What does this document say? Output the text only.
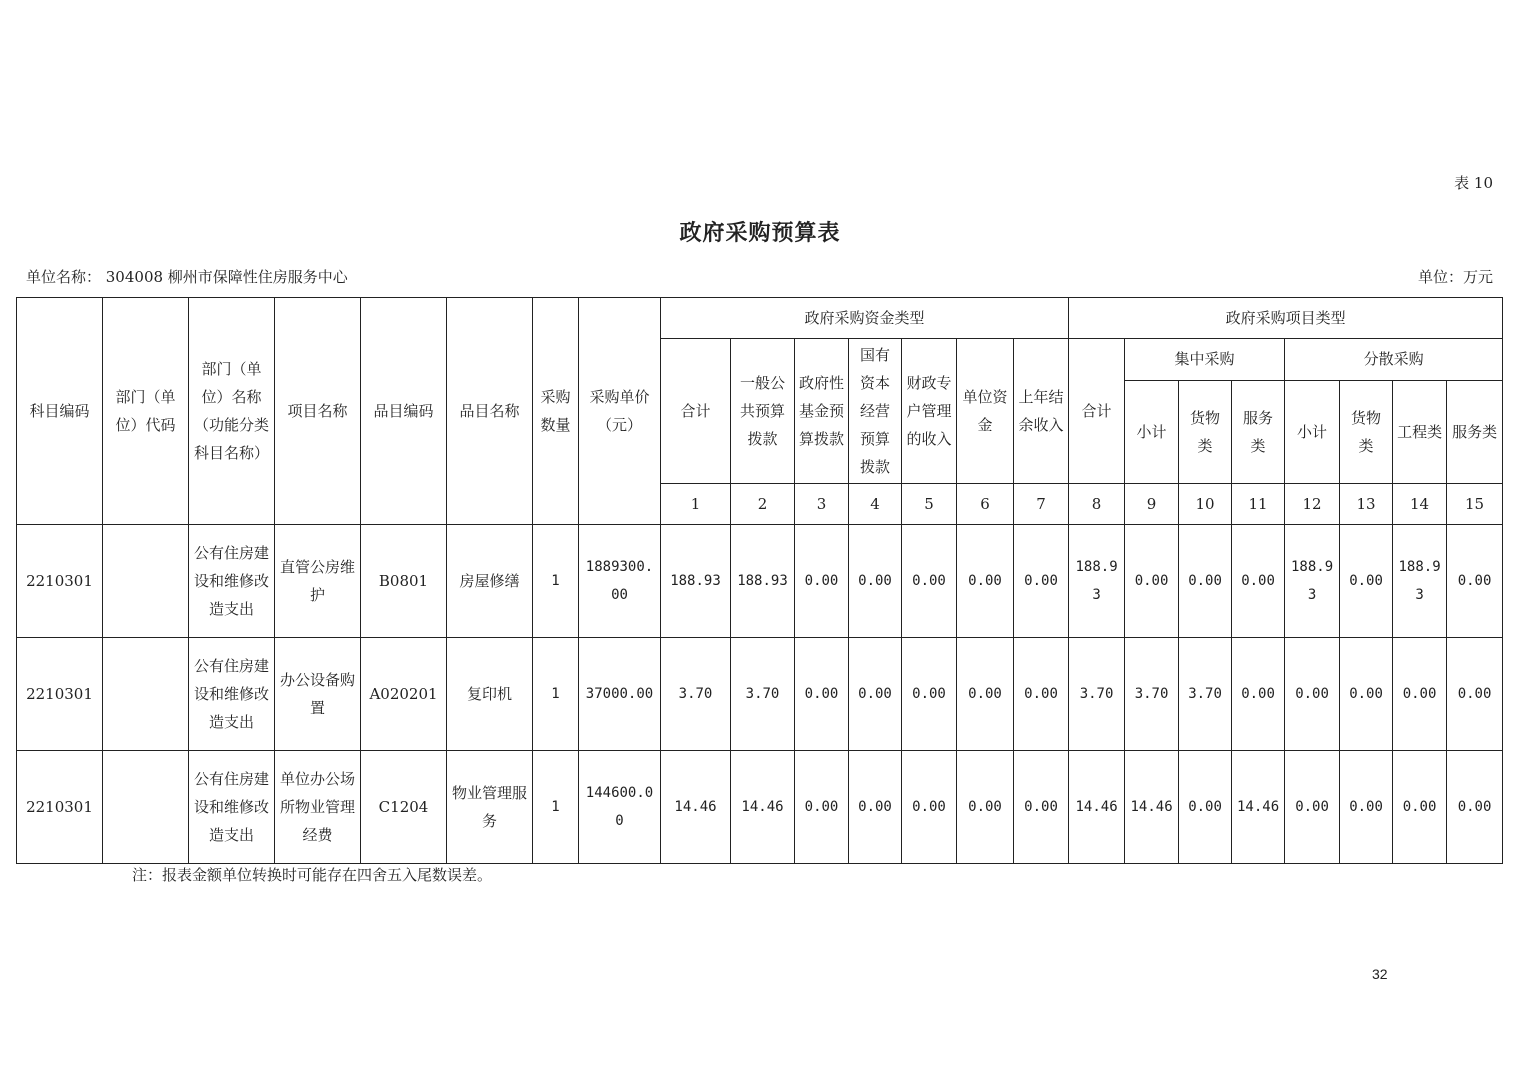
表 10
政府采购预算表
单位名称： 304008 柳州市保障性住房服务中心	单位：万元
科目编码	部门（单位）代码	部门（单位）名称（功能分类科目名称）	项目名称	品目编码	品目名称	采购数量	采购单价（元）	政府采购资金类型							政府采购项目类型							
								合计	一般公共预算拨款	政府性基金预算拨款	国有资本经营预算拨款	财政专户管理的收入	单位资金	上年结余收入	合计	集中采购			分散采购			
																小计	货物类	服务类	小计	货物类	工程类	服务类
								1	2	3	4	5	6	7	8	9	10	11	12	13	14	15
2210301		公有住房建设和维修改造支出	直管公房维护	B0801	房屋修缮	1	1889300.00	188.93	188.93	0.00	0.00	0.00	0.00	0.00	188.93	0.00	0.00	0.00	188.93	0.00	188.93	0.00
2210301		公有住房建设和维修改造支出	办公设备购置	A020201	复印机	1	37000.00	3.70	3.70	0.00	0.00	0.00	0.00	0.00	3.70	3.70	3.70	0.00	0.00	0.00	0.00	0.00
2210301		公有住房建设和维修改造支出	单位办公场所物业管理经费	C1204	物业管理服务	1	144600.00	14.46	14.46	0.00	0.00	0.00	0.00	0.00	14.46	14.46	0.00	14.46	0.00	0.00	0.00	0.00
注：报表金额单位转换时可能存在四舍五入尾数误差。
32
